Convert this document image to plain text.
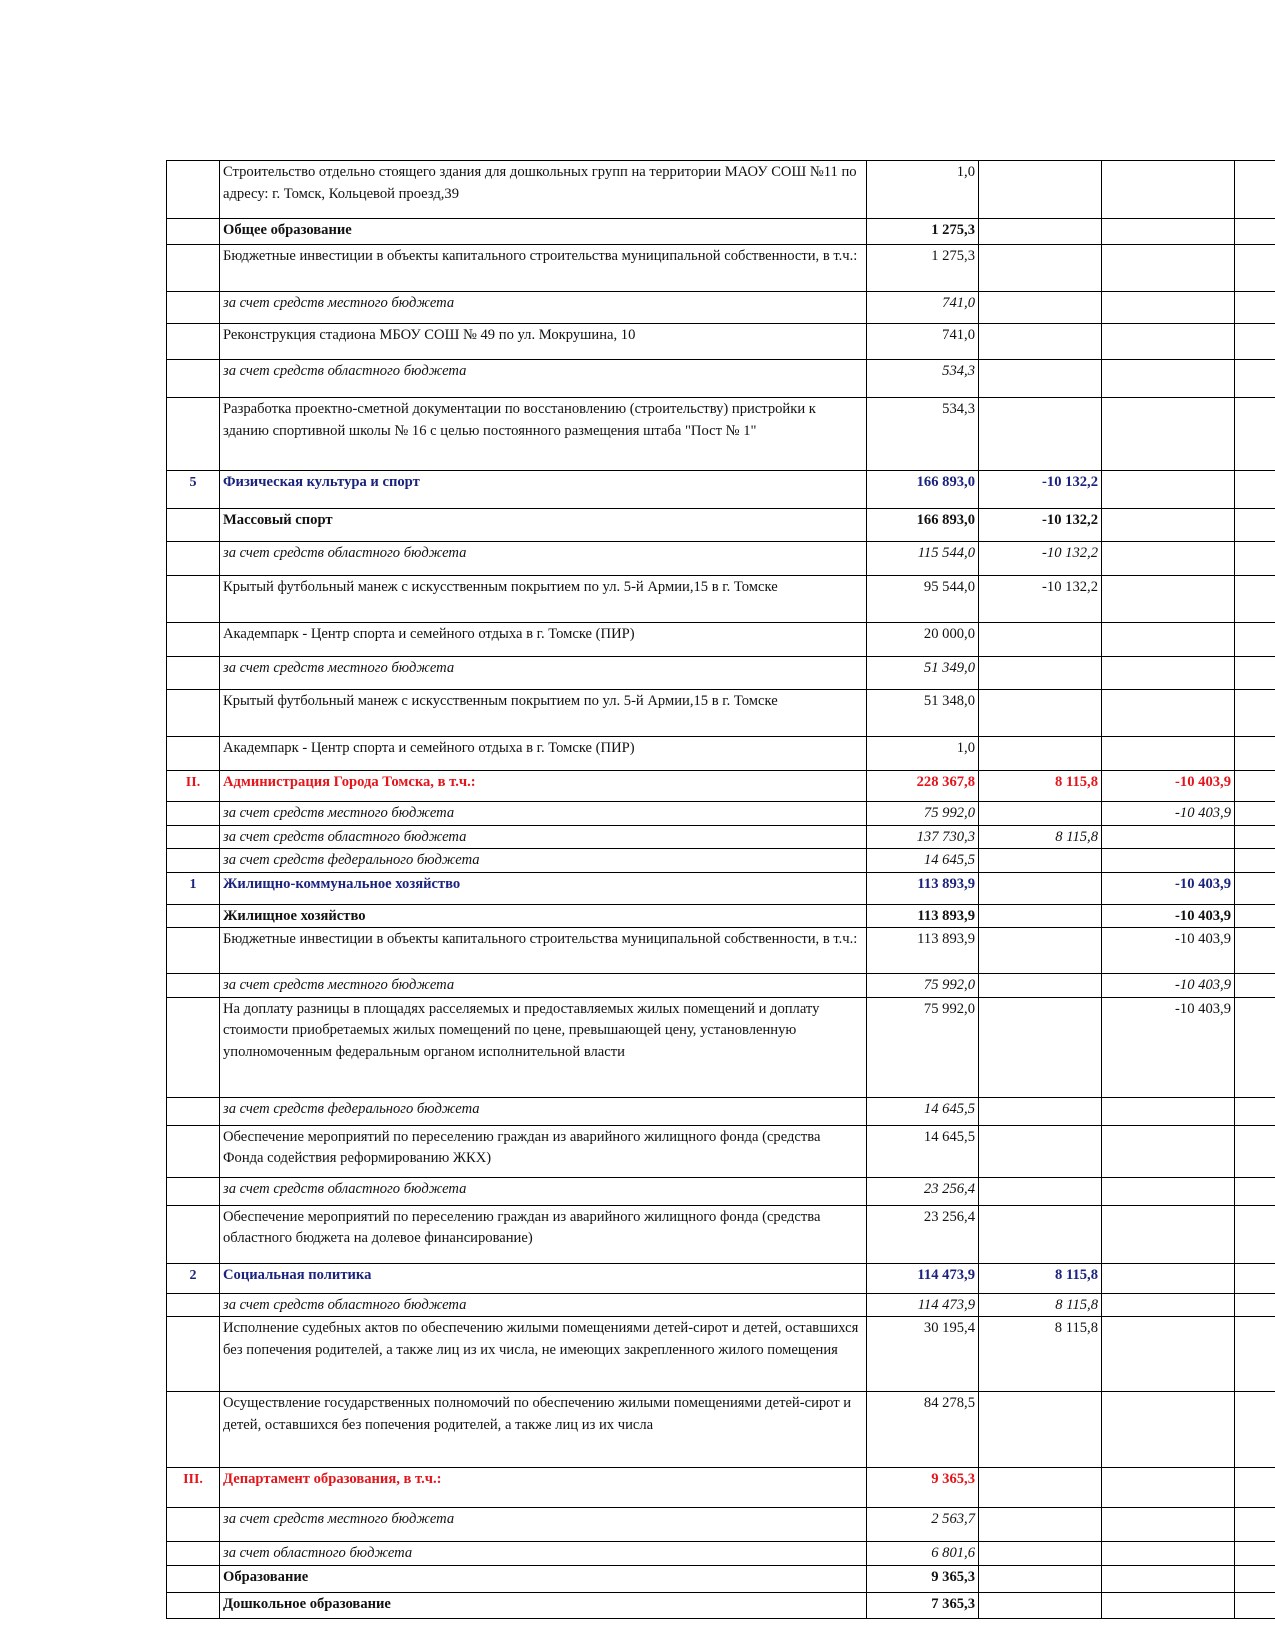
	Строительство отдельно стоящего здания для дошкольных групп на территории МАОУ СОШ №11 по адресу: г. Томск, Кольцевой проезд,39	1,0			
	Общее образование	1 275,3			
	Бюджетные инвестиции в объекты капитального строительства муниципальной собственности, в т.ч.:	1 275,3			
	за счет средств местного бюджета	741,0			
	Реконструкция стадиона МБОУ СОШ № 49 по ул. Мокрушина, 10	741,0			
	за счет средств областного бюджета	534,3			
	Разработка проектно-сметной документации по восстановлению (строительству) пристройки к зданию спортивной школы № 16 с целью постоянного размещения штаба "Пост № 1"	534,3			
5	Физическая культура и спорт	166 893,0	-10 132,2		
	Массовый спорт	166 893,0	-10 132,2		
	за счет средств областного бюджета	115 544,0	-10 132,2		
	Крытый футбольный манеж с искусственным покрытием по ул. 5-й Армии,15 в г. Томске	95 544,0	-10 132,2		
	Академпарк - Центр спорта и семейного отдыха в г. Томске (ПИР)	20 000,0			
	за счет средств местного бюджета	51 349,0			
	Крытый футбольный манеж с искусственным покрытием по ул. 5-й Армии,15 в г. Томске	51 348,0			
	Академпарк - Центр спорта и семейного отдыха в г. Томске (ПИР)	1,0			
II.	Администрация Города Томска, в т.ч.:	228 367,8	8 115,8	-10 403,9	
	за счет средств местного бюджета	75 992,0		-10 403,9	
	за счет средств областного бюджета	137 730,3	8 115,8		
	за счет средств федерального бюджета	14 645,5			
1	Жилищно-коммунальное хозяйство	113 893,9		-10 403,9	
	Жилищное хозяйство	113 893,9		-10 403,9	
	Бюджетные инвестиции в объекты капитального строительства муниципальной собственности, в т.ч.:	113 893,9		-10 403,9	
	за счет средств местного бюджета	75 992,0		-10 403,9	
	На доплату разницы в площадях расселяемых и предоставляемых жилых помещений и доплату стоимости приобретаемых жилых помещений по цене, превышающей цену, установленную уполномоченным федеральным органом исполнительной власти	75 992,0		-10 403,9	
	за счет средств федерального бюджета	14 645,5			
	Обеспечение мероприятий по переселению граждан из аварийного жилищного фонда (средства Фонда содействия реформированию ЖКХ)	14 645,5			
	за счет средств областного бюджета	23 256,4			
	Обеспечение мероприятий по переселению граждан из аварийного жилищного фонда (средства областного бюджета на долевое финансирование)	23 256,4			
2	Социальная политика	114 473,9	8 115,8		
	за счет средств областного бюджета	114 473,9	8 115,8		
	Исполнение судебных актов по обеспечению жилыми помещениями детей-сирот и детей, оставшихся без попечения родителей, а также лиц из их числа, не имеющих закрепленного жилого помещения	30 195,4	8 115,8		
	Осуществление государственных полномочий по обеспечению жилыми помещениями детей-сирот и детей, оставшихся без попечения родителей, а также лиц из их числа	84 278,5			
III.	Департамент образования, в т.ч.:	9 365,3			
	за счет средств местного бюджета	2 563,7			
	за счет областного бюджета	6 801,6			
	Образование	9 365,3			
	Дошкольное образование	7 365,3			
